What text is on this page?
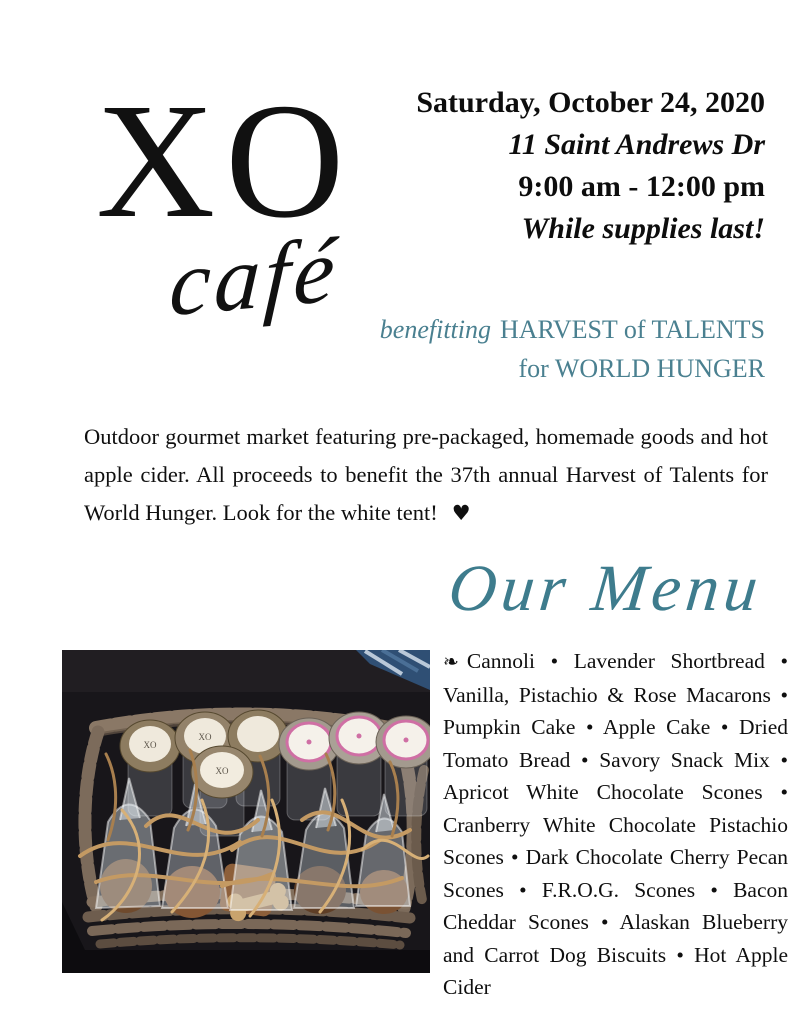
XO
café
Saturday, October 24, 2020
11 Saint Andrews Dr
9:00 am - 12:00 pm
While supplies last!
benefitting HARVEST of TALENTS
for WORLD HUNGER

Outdoor gourmet market featuring pre-packaged, homemade goods and hot apple cider. All proceeds to benefit the 37th annual Harvest of Talents for World Hunger. Look for the white tent! ♥

Our Menu
XO
XO
XO

❧ Cannoli • Lavender Shortbread • Vanilla, Pistachio & Rose Macarons • Pumpkin Cake • Apple Cake • Dried Tomato Bread • Savory Snack Mix • Apricot White Chocolate Scones • Cranberry White Chocolate Pistachio Scones • Dark Chocolate Cherry Pecan Scones • F.R.O.G. Scones • Bacon Cheddar Scones • Alaskan Blueberry and Carrot Dog Biscuits • Hot Apple Cider
